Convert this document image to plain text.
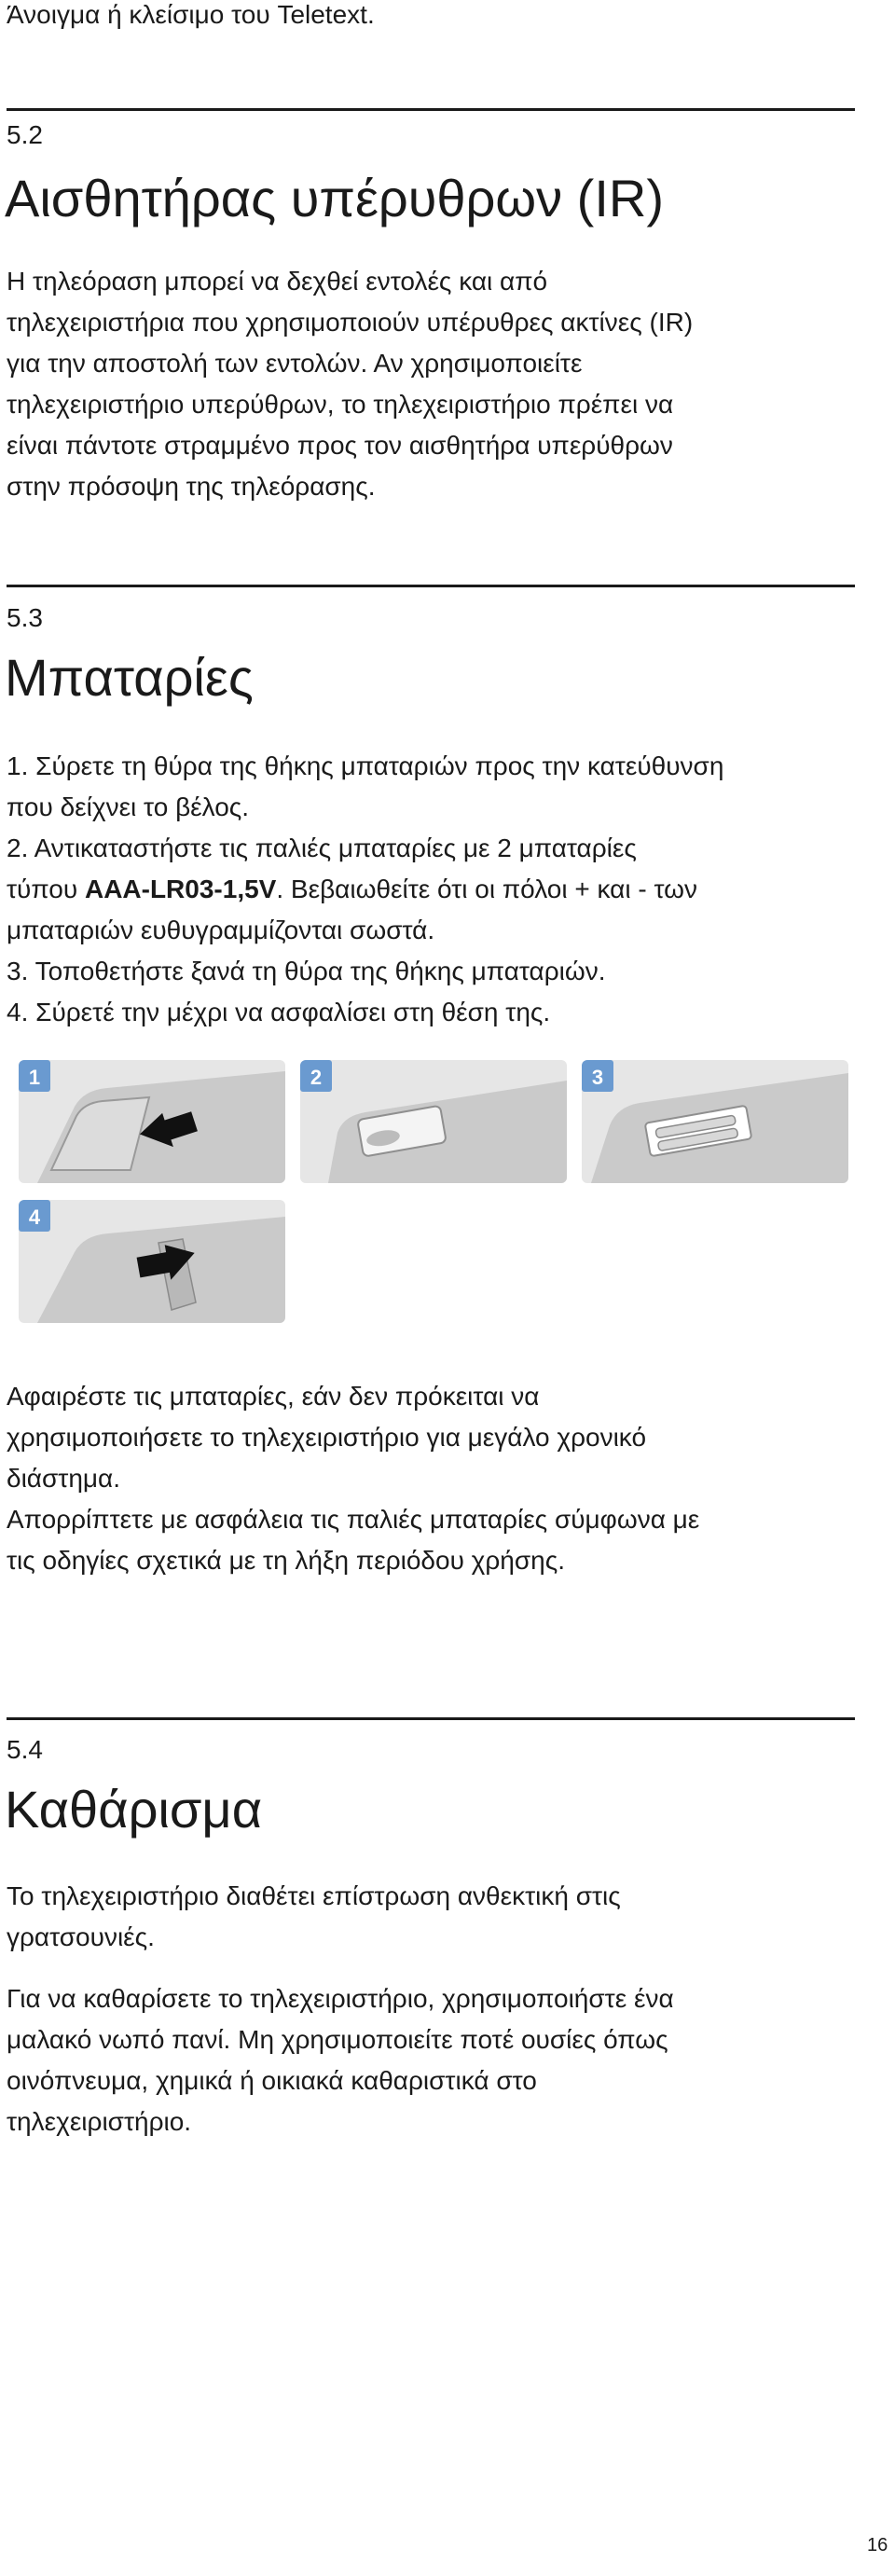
Άνοιγμα ή κλείσιμο του Teletext.

5.2

Αισθητήρας υπέρυθρων (IR)

Η τηλεόραση μπορεί να δεχθεί εντολές και από

τηλεχειριστήρια που χρησιμοποιούν υπέρυθρες ακτίνες (IR)

για την αποστολή των εντολών. Αν χρησιμοποιείτε

τηλεχειριστήριο υπερύθρων, το τηλεχειριστήριο πρέπει να

είναι πάντοτε στραμμένο προς τον αισθητήρα υπερύθρων

στην πρόσοψη της τηλεόρασης.

5.3

Μπαταρίες

1. Σύρετε τη θύρα της θήκης μπαταριών προς την κατεύθυνση

που δείχνει το βέλος.

2. Αντικαταστήστε τις παλιές μπαταρίες με 2 μπαταρίες

τύπου AAA-LR03-1,5V. Βεβαιωθείτε ότι οι πόλοι + και - των

μπαταριών ευθυγραμμίζονται σωστά.

3. Τοποθετήστε ξανά τη θύρα της θήκης μπαταριών.

4. Σύρετέ την μέχρι να ασφαλίσει στη θέση της.

1	2	3
4

Αφαιρέστε τις μπαταρίες, εάν δεν πρόκειται να

χρησιμοποιήσετε το τηλεχειριστήριο για μεγάλο χρονικό

διάστημα.

Απορρίπτετε με ασφάλεια τις παλιές μπαταρίες σύμφωνα με

τις οδηγίες σχετικά με τη λήξη περιόδου χρήσης.

5.4

Καθάρισμα

Το τηλεχειριστήριο διαθέτει επίστρωση ανθεκτική στις

γρατσουνιές.

Για να καθαρίσετε το τηλεχειριστήριο, χρησιμοποιήστε ένα

μαλακό νωπό πανί. Μη χρησιμοποιείτε ποτέ ουσίες όπως

οινόπνευμα, χημικά ή οικιακά καθαριστικά στο

τηλεχειριστήριο.

16
